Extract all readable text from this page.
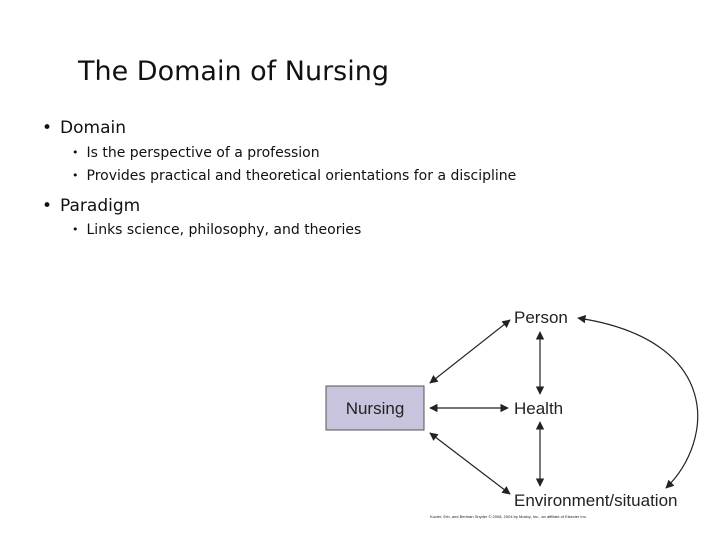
The Domain of Nursing
• Domain
• Is the perspective of a profession
• Provides practical and theoretical orientations for a discipline
• Paradigm
• Links science, philosophy, and theories
Nursing
Person
Health
Environment/situation
Kozier, Erb, and Berman Snyder © 2008, 2004 by Mosby, Inc., an affiliate of Elsevier Inc.
